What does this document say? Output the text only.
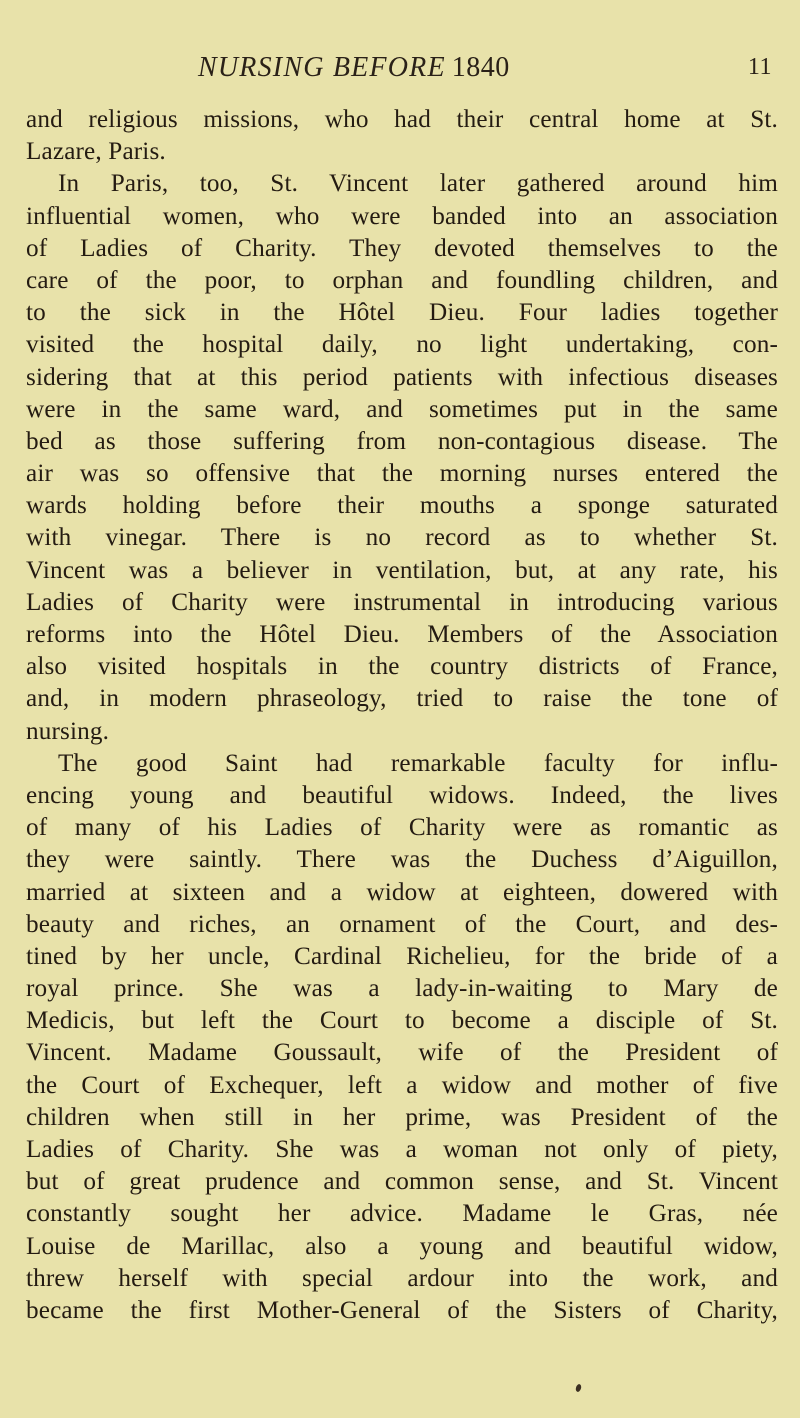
NURSING BEFORE 1840	11
and religious missions, who had their central home at St.
Lazare, Paris.
In Paris, too, St. Vincent later gathered around him
influential women, who were banded into an association
of Ladies of Charity. They devoted themselves to the
care of the poor, to orphan and foundling children, and
to the sick in the Hôtel Dieu. Four ladies together
visited the hospital daily, no light undertaking, con-
sidering that at this period patients with infectious diseases
were in the same ward, and sometimes put in the same
bed as those suffering from non-contagious disease. The
air was so offensive that the morning nurses entered the
wards holding before their mouths a sponge saturated
with vinegar. There is no record as to whether St.
Vincent was a believer in ventilation, but, at any rate, his
Ladies of Charity were instrumental in introducing various
reforms into the Hôtel Dieu. Members of the Association
also visited hospitals in the country districts of France,
and, in modern phraseology, tried to raise the tone of
nursing.
The good Saint had remarkable faculty for influ-
encing young and beautiful widows. Indeed, the lives
of many of his Ladies of Charity were as romantic as
they were saintly. There was the Duchess d’Aiguillon,
married at sixteen and a widow at eighteen, dowered with
beauty and riches, an ornament of the Court, and des-
tined by her uncle, Cardinal Richelieu, for the bride of a
royal prince. She was a lady-in-waiting to Mary de
Medicis, but left the Court to become a disciple of St.
Vincent. Madame Goussault, wife of the President of
the Court of Exchequer, left a widow and mother of five
children when still in her prime, was President of the
Ladies of Charity. She was a woman not only of piety,
but of great prudence and common sense, and St. Vincent
constantly sought her advice. Madame le Gras, née
Louise de Marillac, also a young and beautiful widow,
threw herself with special ardour into the work, and
became the first Mother-General of the Sisters of Charity,
